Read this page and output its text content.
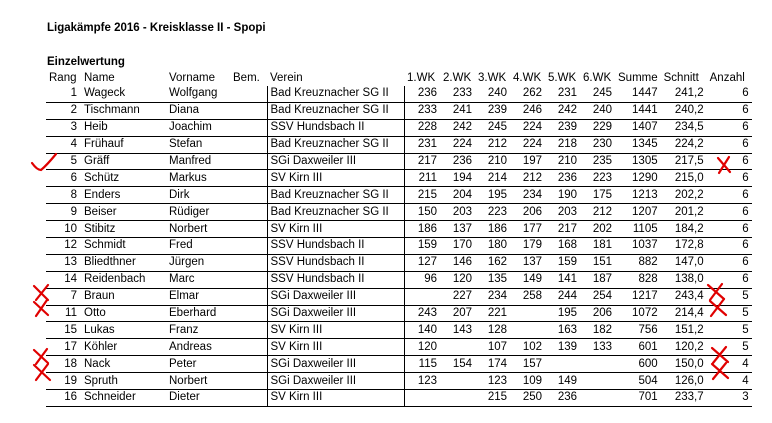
Ligakämpfe 2016 - Kreisklasse II - Spopi
Einzelwertung
Rang	Name	Vorname	Bem.	Verein	1.WK	2.WK	3.WK	4.WK	5.WK	6.WK	Summe	Schnitt	Anzahl
1	Wageck	Wolfgang		Bad Kreuznacher SG II	236	233	240	262	231	245	1447	241,2	6
2	Tischmann	Diana		Bad Kreuznacher SG II	233	241	239	246	242	240	1441	240,2	6
3	Heib	Joachim		SSV Hundsbach II	228	242	245	224	239	229	1407	234,5	6
4	Frühauf	Stefan		Bad Kreuznacher SG II	231	224	212	224	218	230	1345	224,2	6
5	Gräff	Manfred		SGi Daxweiler III	217	236	210	197	210	235	1305	217,5	6
6	Schütz	Markus		SV Kirn III	211	194	214	212	236	223	1290	215,0	6
8	Enders	Dirk		Bad Kreuznacher SG II	215	204	195	234	190	175	1213	202,2	6
9	Beiser	Rüdiger		Bad Kreuznacher SG II	150	203	223	206	203	212	1207	201,2	6
10	Stibitz	Norbert		SV Kirn III	186	137	186	177	217	202	1105	184,2	6
12	Schmidt	Fred		SSV Hundsbach II	159	170	180	179	168	181	1037	172,8	6
13	Bliedthner	Jürgen		SSV Hundsbach II	127	146	162	137	159	151	882	147,0	6
14	Reidenbach	Marc		SSV Hundsbach II	96	120	135	149	141	187	828	138,0	6
7	Braun	Elmar		SGi Daxweiler III		227	234	258	244	254	1217	243,4	5
11	Otto	Eberhard		SGi Daxweiler III	243	207	221		195	206	1072	214,4	5
15	Lukas	Franz		SV Kirn III	140	143	128		163	182	756	151,2	5
17	Köhler	Andreas		SV Kirn III	120		107	102	139	133	601	120,2	5
18	Nack	Peter		SGi Daxweiler III	115	154	174	157			600	150,0	4
19	Spruth	Norbert		SGi Daxweiler III	123		123	109	149		504	126,0	4
16	Schneider	Dieter		SV Kirn III			215	250	236		701	233,7	3
